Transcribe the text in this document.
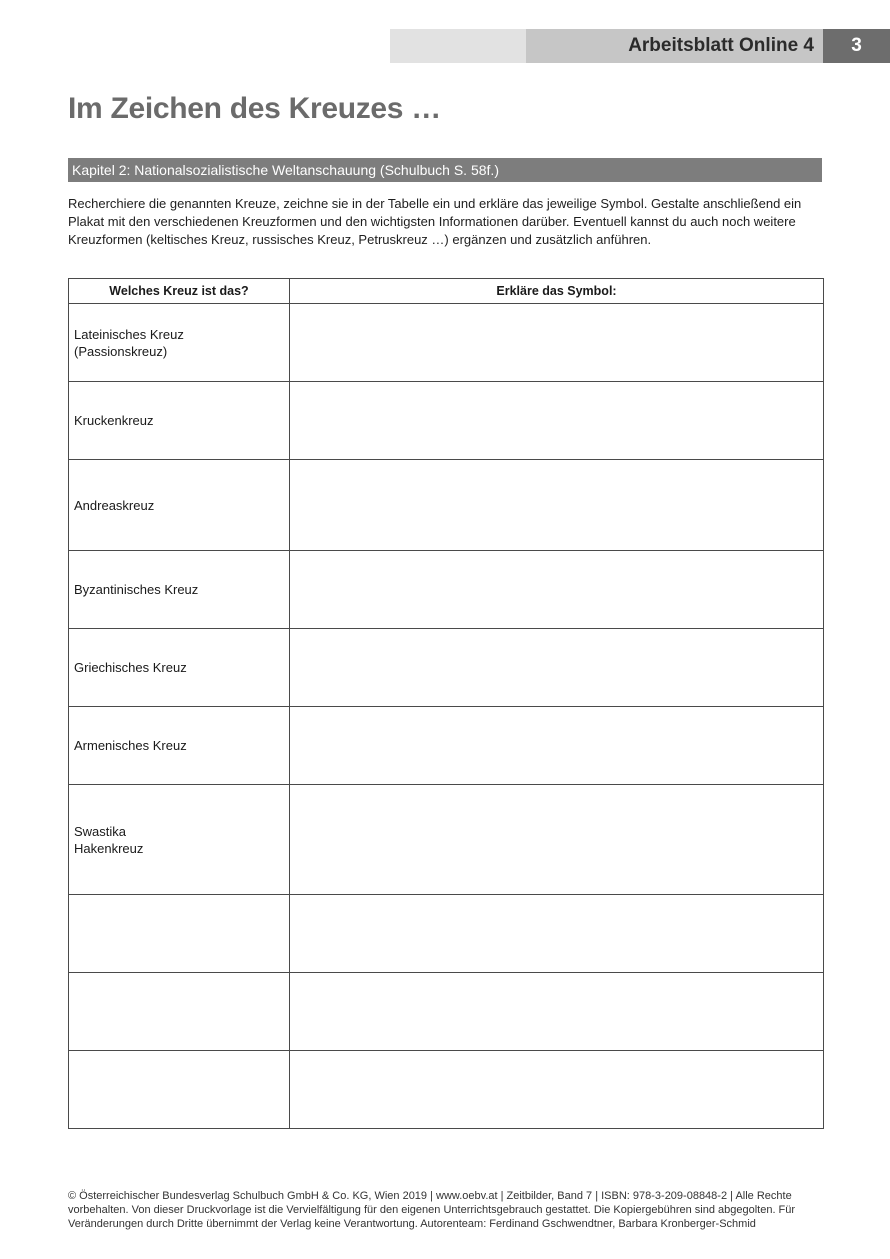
Arbeitsblatt Online 4	3
Im Zeichen des Kreuzes …
Kapitel 2: Nationalsozialistische Weltanschauung (Schulbuch S. 58f.)

Recherchiere die genannten Kreuze, zeichne sie in der Tabelle ein und erkläre das jeweilige Symbol. Gestalte anschließend ein Plakat mit den verschiedenen Kreuzformen und den wichtigsten Informationen darüber. Eventuell kannst du auch noch weitere Kreuzformen (keltisches Kreuz, russisches Kreuz, Petruskreuz …) ergänzen und zusätzlich anführen.

Welches Kreuz ist das?	Erkläre das Symbol:
Lateinisches Kreuz
(Passionskreuz)	
Kruckenkreuz	
Andreaskreuz	
Byzantinisches Kreuz	
Griechisches Kreuz	
Armenisches Kreuz	
Swastika
Hakenkreuz	

© Österreichischer Bundesverlag Schulbuch GmbH & Co. KG, Wien 2019 | www.oebv.at | Zeitbilder, Band 7 | ISBN: 978-3-209-08848-2 | Alle Rechte vorbehalten. Von dieser Druckvorlage ist die Vervielfältigung für den eigenen Unterrichtsgebrauch gestattet. Die Kopiergebühren sind abgegolten. Für Veränderungen durch Dritte übernimmt der Verlag keine Verantwortung. Autorenteam: Ferdinand Gschwendtner, Barbara Kronberger-Schmid
